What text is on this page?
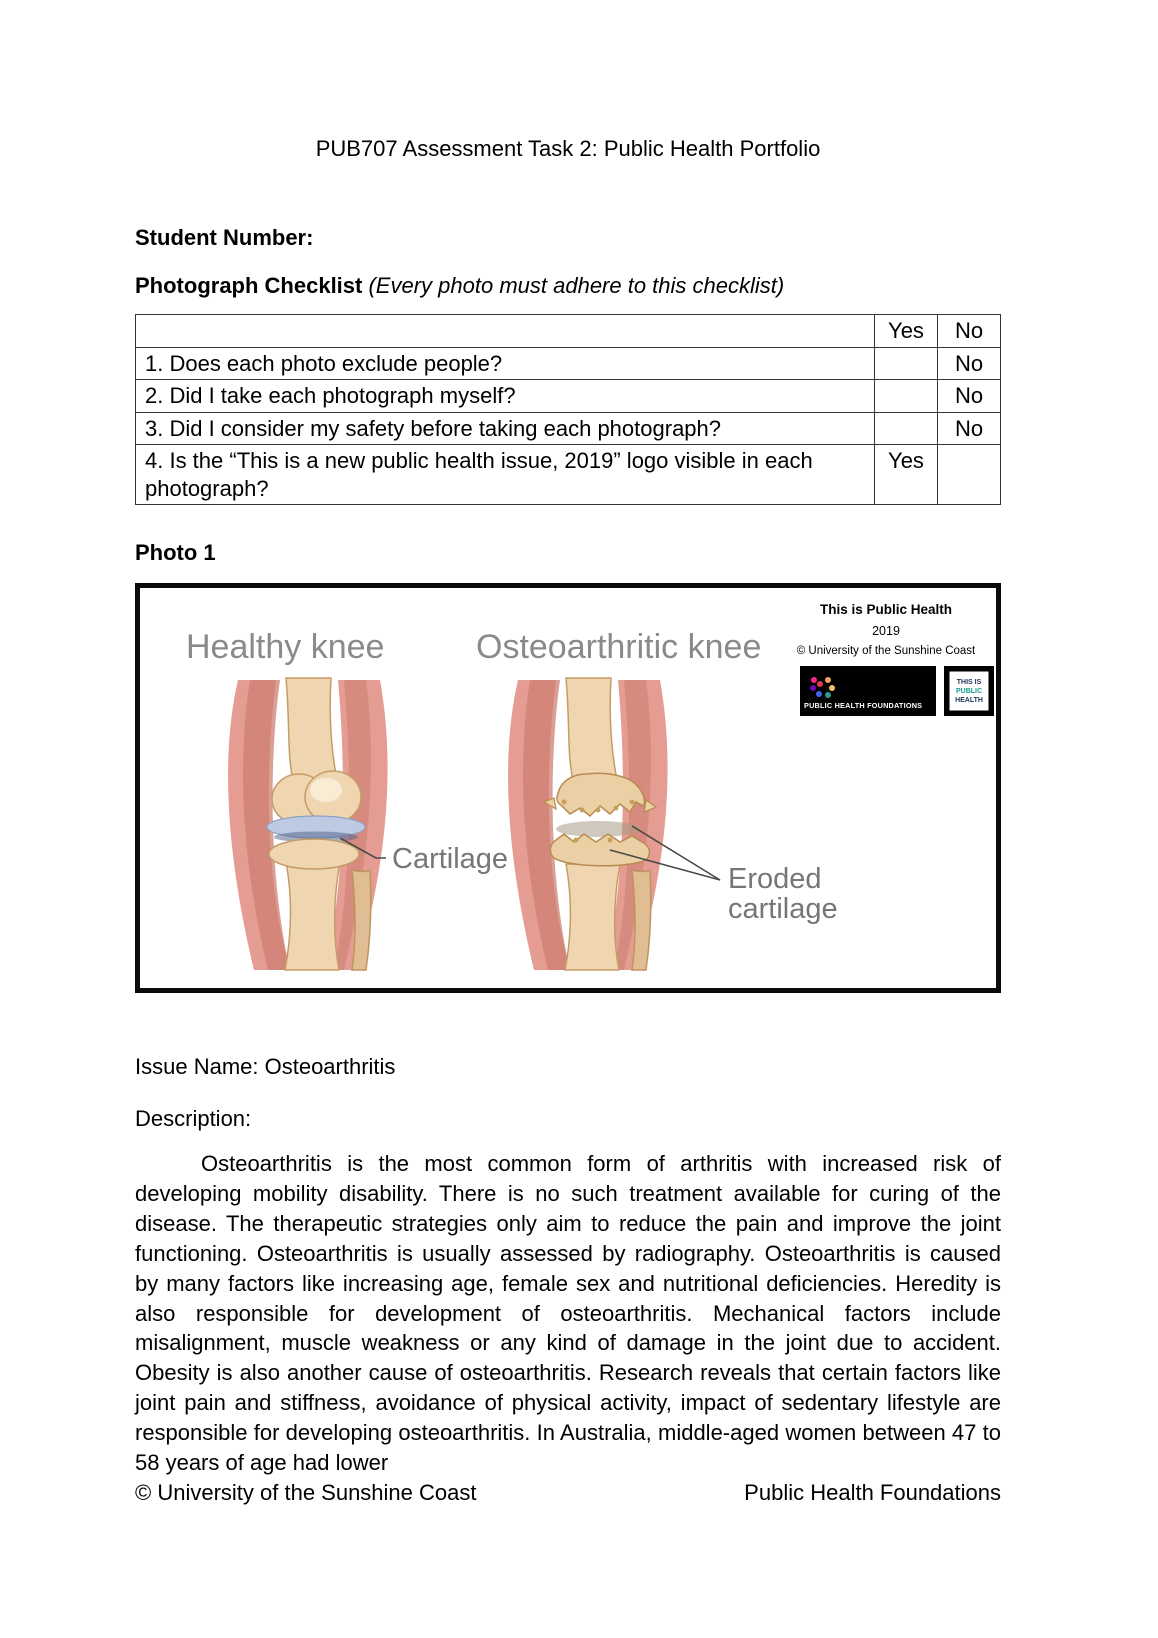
PUB707 Assessment Task 2: Public Health Portfolio

Student Number:

Photograph Checklist (Every photo must adhere to this checklist)

	Yes	No
1. Does each photo exclude people?		No
2. Did I take each photograph myself?		No
3. Did I consider my safety before taking each photograph?		No
4. Is the “This is a new public health issue, 2019” logo visible in each photograph?	Yes	

Photo 1

Healthy knee	Osteoarthritic knee
Cartilage
Eroded
cartilage
This is Public Health
2019
© University of the Sunshine Coast
PUBLIC HEALTH FOUNDATIONS
THIS IS
PUBLIC
HEALTH

Issue Name: Osteoarthritis

Description:

Osteoarthritis is the most common form of arthritis with increased risk of developing mobility disability. There is no such treatment available for curing of the disease. The therapeutic strategies only aim to reduce the pain and improve the joint functioning. Osteoarthritis is usually assessed by radiography. Osteoarthritis is caused by many factors like increasing age, female sex and nutritional deficiencies. Heredity is also responsible for development of osteoarthritis. Mechanical factors include misalignment, muscle weakness or any kind of damage in the joint due to accident. Obesity is also another cause of osteoarthritis. Research reveals that certain factors like joint pain and stiffness, avoidance of physical activity, impact of sedentary lifestyle are responsible for developing osteoarthritis. In Australia, middle-aged women between 47 to 58 years of age had lower

© University of the Sunshine Coast	Public Health Foundations
